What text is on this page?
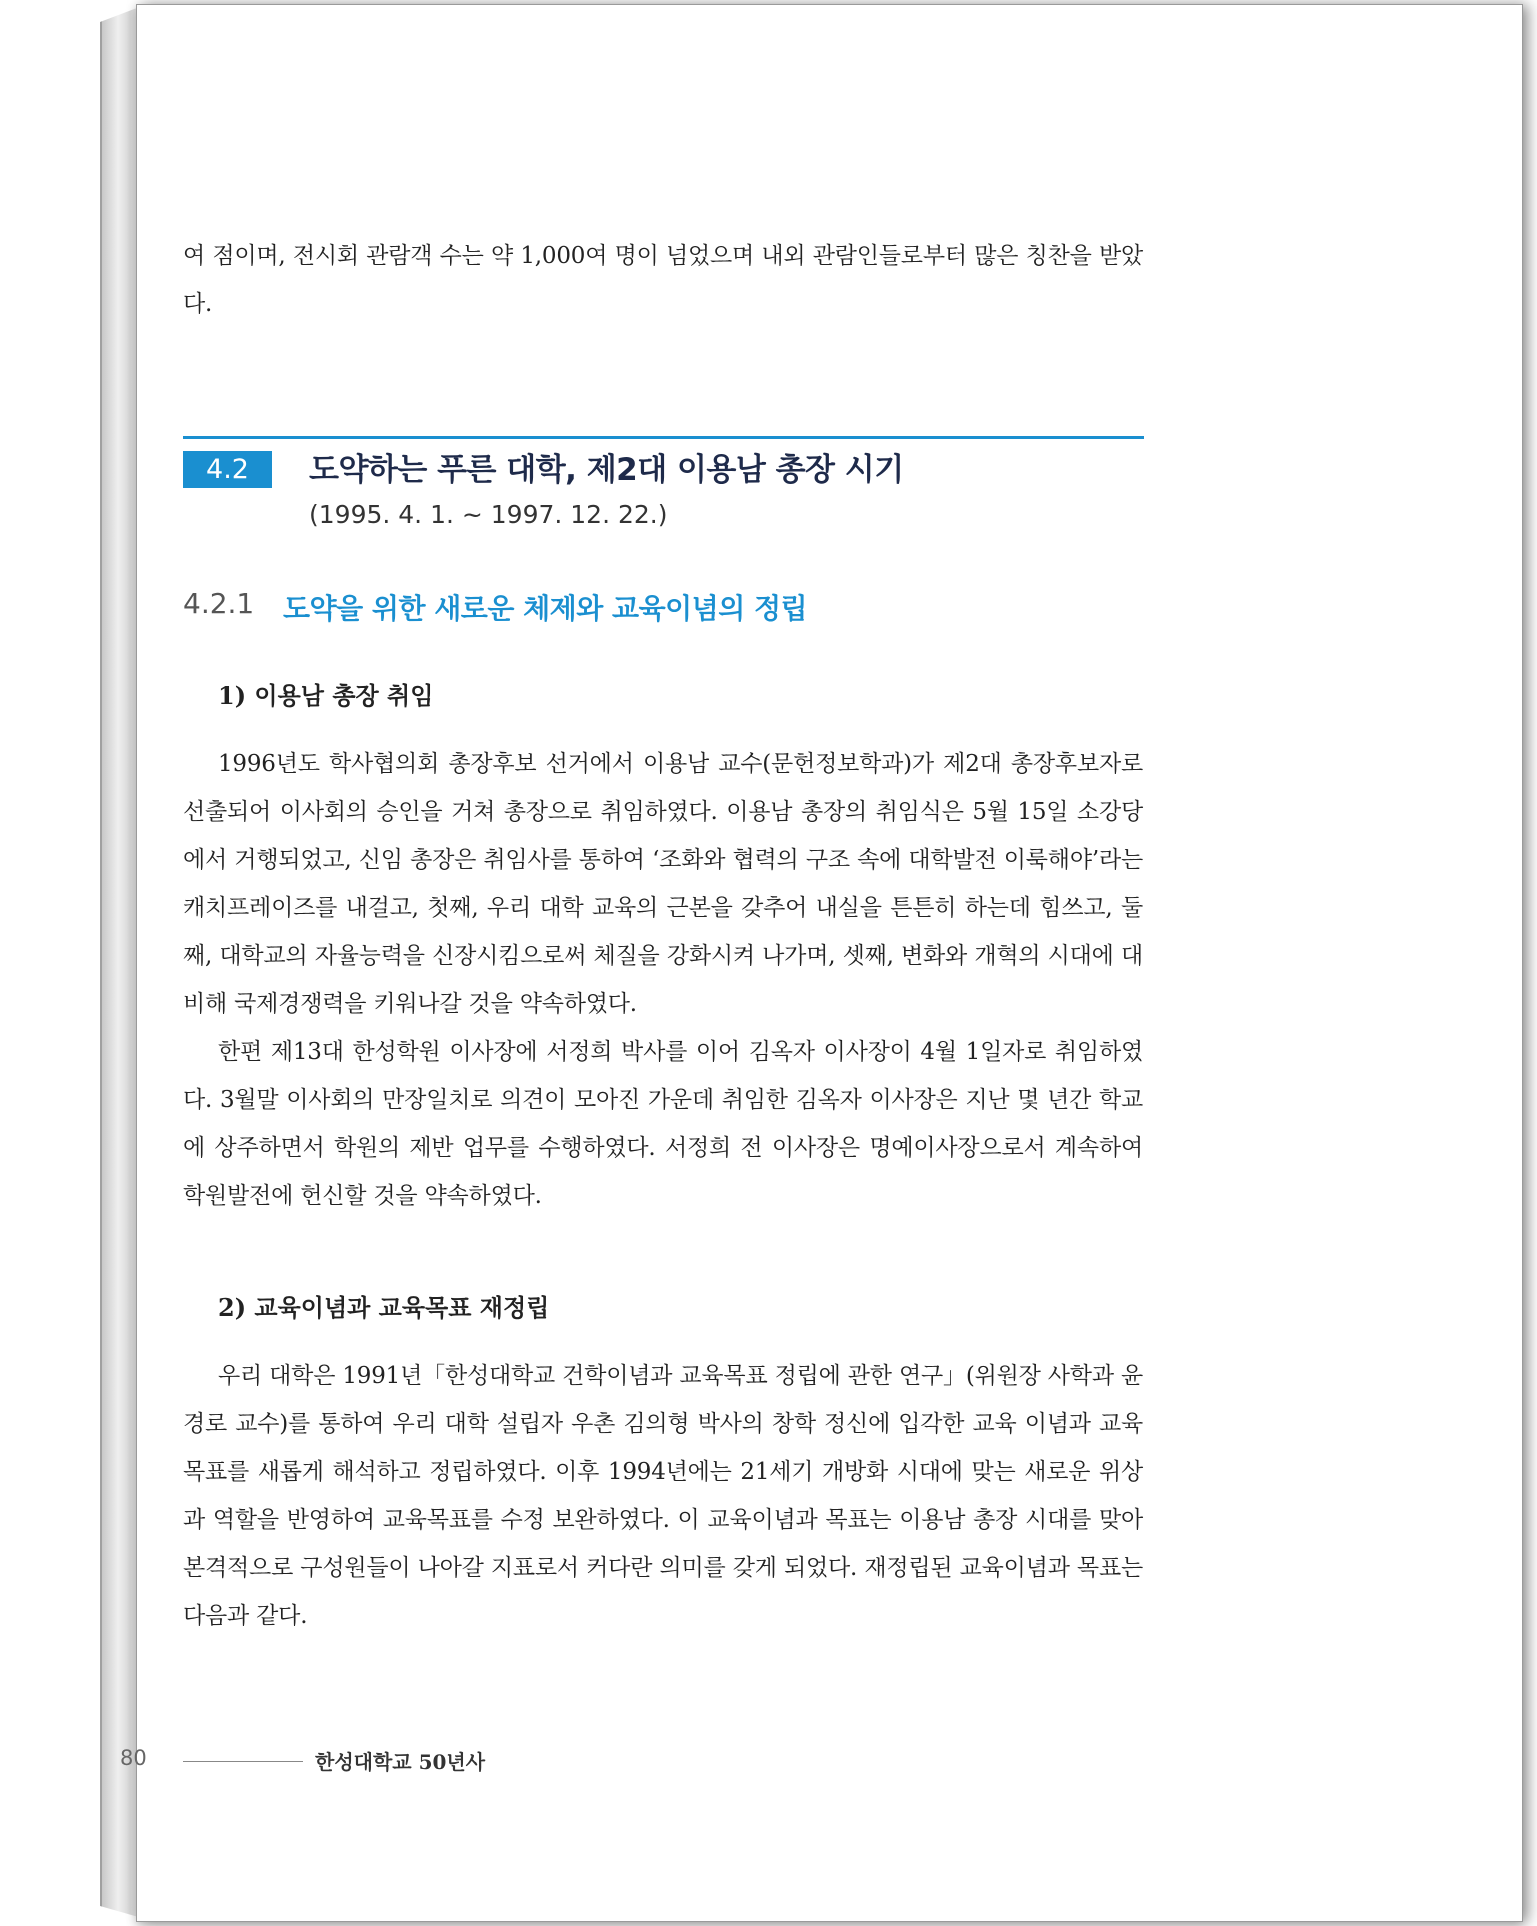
여 점이며, 전시회 관람객 수는 약 1,000여 명이 넘었으며 내외 관람인들로부터 많은 칭찬을 받았다.

4.2	도약하는 푸른 대학, 제2대 이용남 총장 시기
(1995. 4. 1. ~ 1997. 12. 22.)
4.2.1 도약을 위한 새로운 체제와 교육이념의 정립
1) 이용남 총장 취임

1996년도 학사협의회 총장후보 선거에서 이용남 교수(문헌정보학과)가 제2대 총장후보자로 선출되어 이사회의 승인을 거쳐 총장으로 취임하였다. 이용남 총장의 취임식은 5월 15일 소강당에서 거행되었고, 신임 총장은 취임사를 통하여 ‘조화와 협력의 구조 속에 대학발전 이룩해야’라는 캐치프레이즈를 내걸고, 첫째, 우리 대학 교육의 근본을 갖추어 내실을 튼튼히 하는데 힘쓰고, 둘째, 대학교의 자율능력을 신장시킴으로써 체질을 강화시켜 나가며, 셋째, 변화와 개혁의 시대에 대비해 국제경쟁력을 키워나갈 것을 약속하였다.

한편 제13대 한성학원 이사장에 서정희 박사를 이어 김옥자 이사장이 4월 1일자로 취임하였다. 3월말 이사회의 만장일치로 의견이 모아진 가운데 취임한 김옥자 이사장은 지난 몇 년간 학교에 상주하면서 학원의 제반 업무를 수행하였다. 서정희 전 이사장은 명예이사장으로서 계속하여 학원발전에 헌신할 것을 약속하였다.

2) 교육이념과 교육목표 재정립

우리 대학은 1991년「한성대학교 건학이념과 교육목표 정립에 관한 연구」(위원장 사학과 윤경로 교수)를 통하여 우리 대학 설립자 우촌 김의형 박사의 창학 정신에 입각한 교육 이념과 교육목표를 새롭게 해석하고 정립하였다. 이후 1994년에는 21세기 개방화 시대에 맞는 새로운 위상과 역할을 반영하여 교육목표를 수정 보완하였다. 이 교육이념과 목표는 이용남 총장 시대를 맞아 본격적으로 구성원들이 나아갈 지표로서 커다란 의미를 갖게 되었다. 재정립된 교육이념과 목표는 다음과 같다.

80	한성대학교 50년사
